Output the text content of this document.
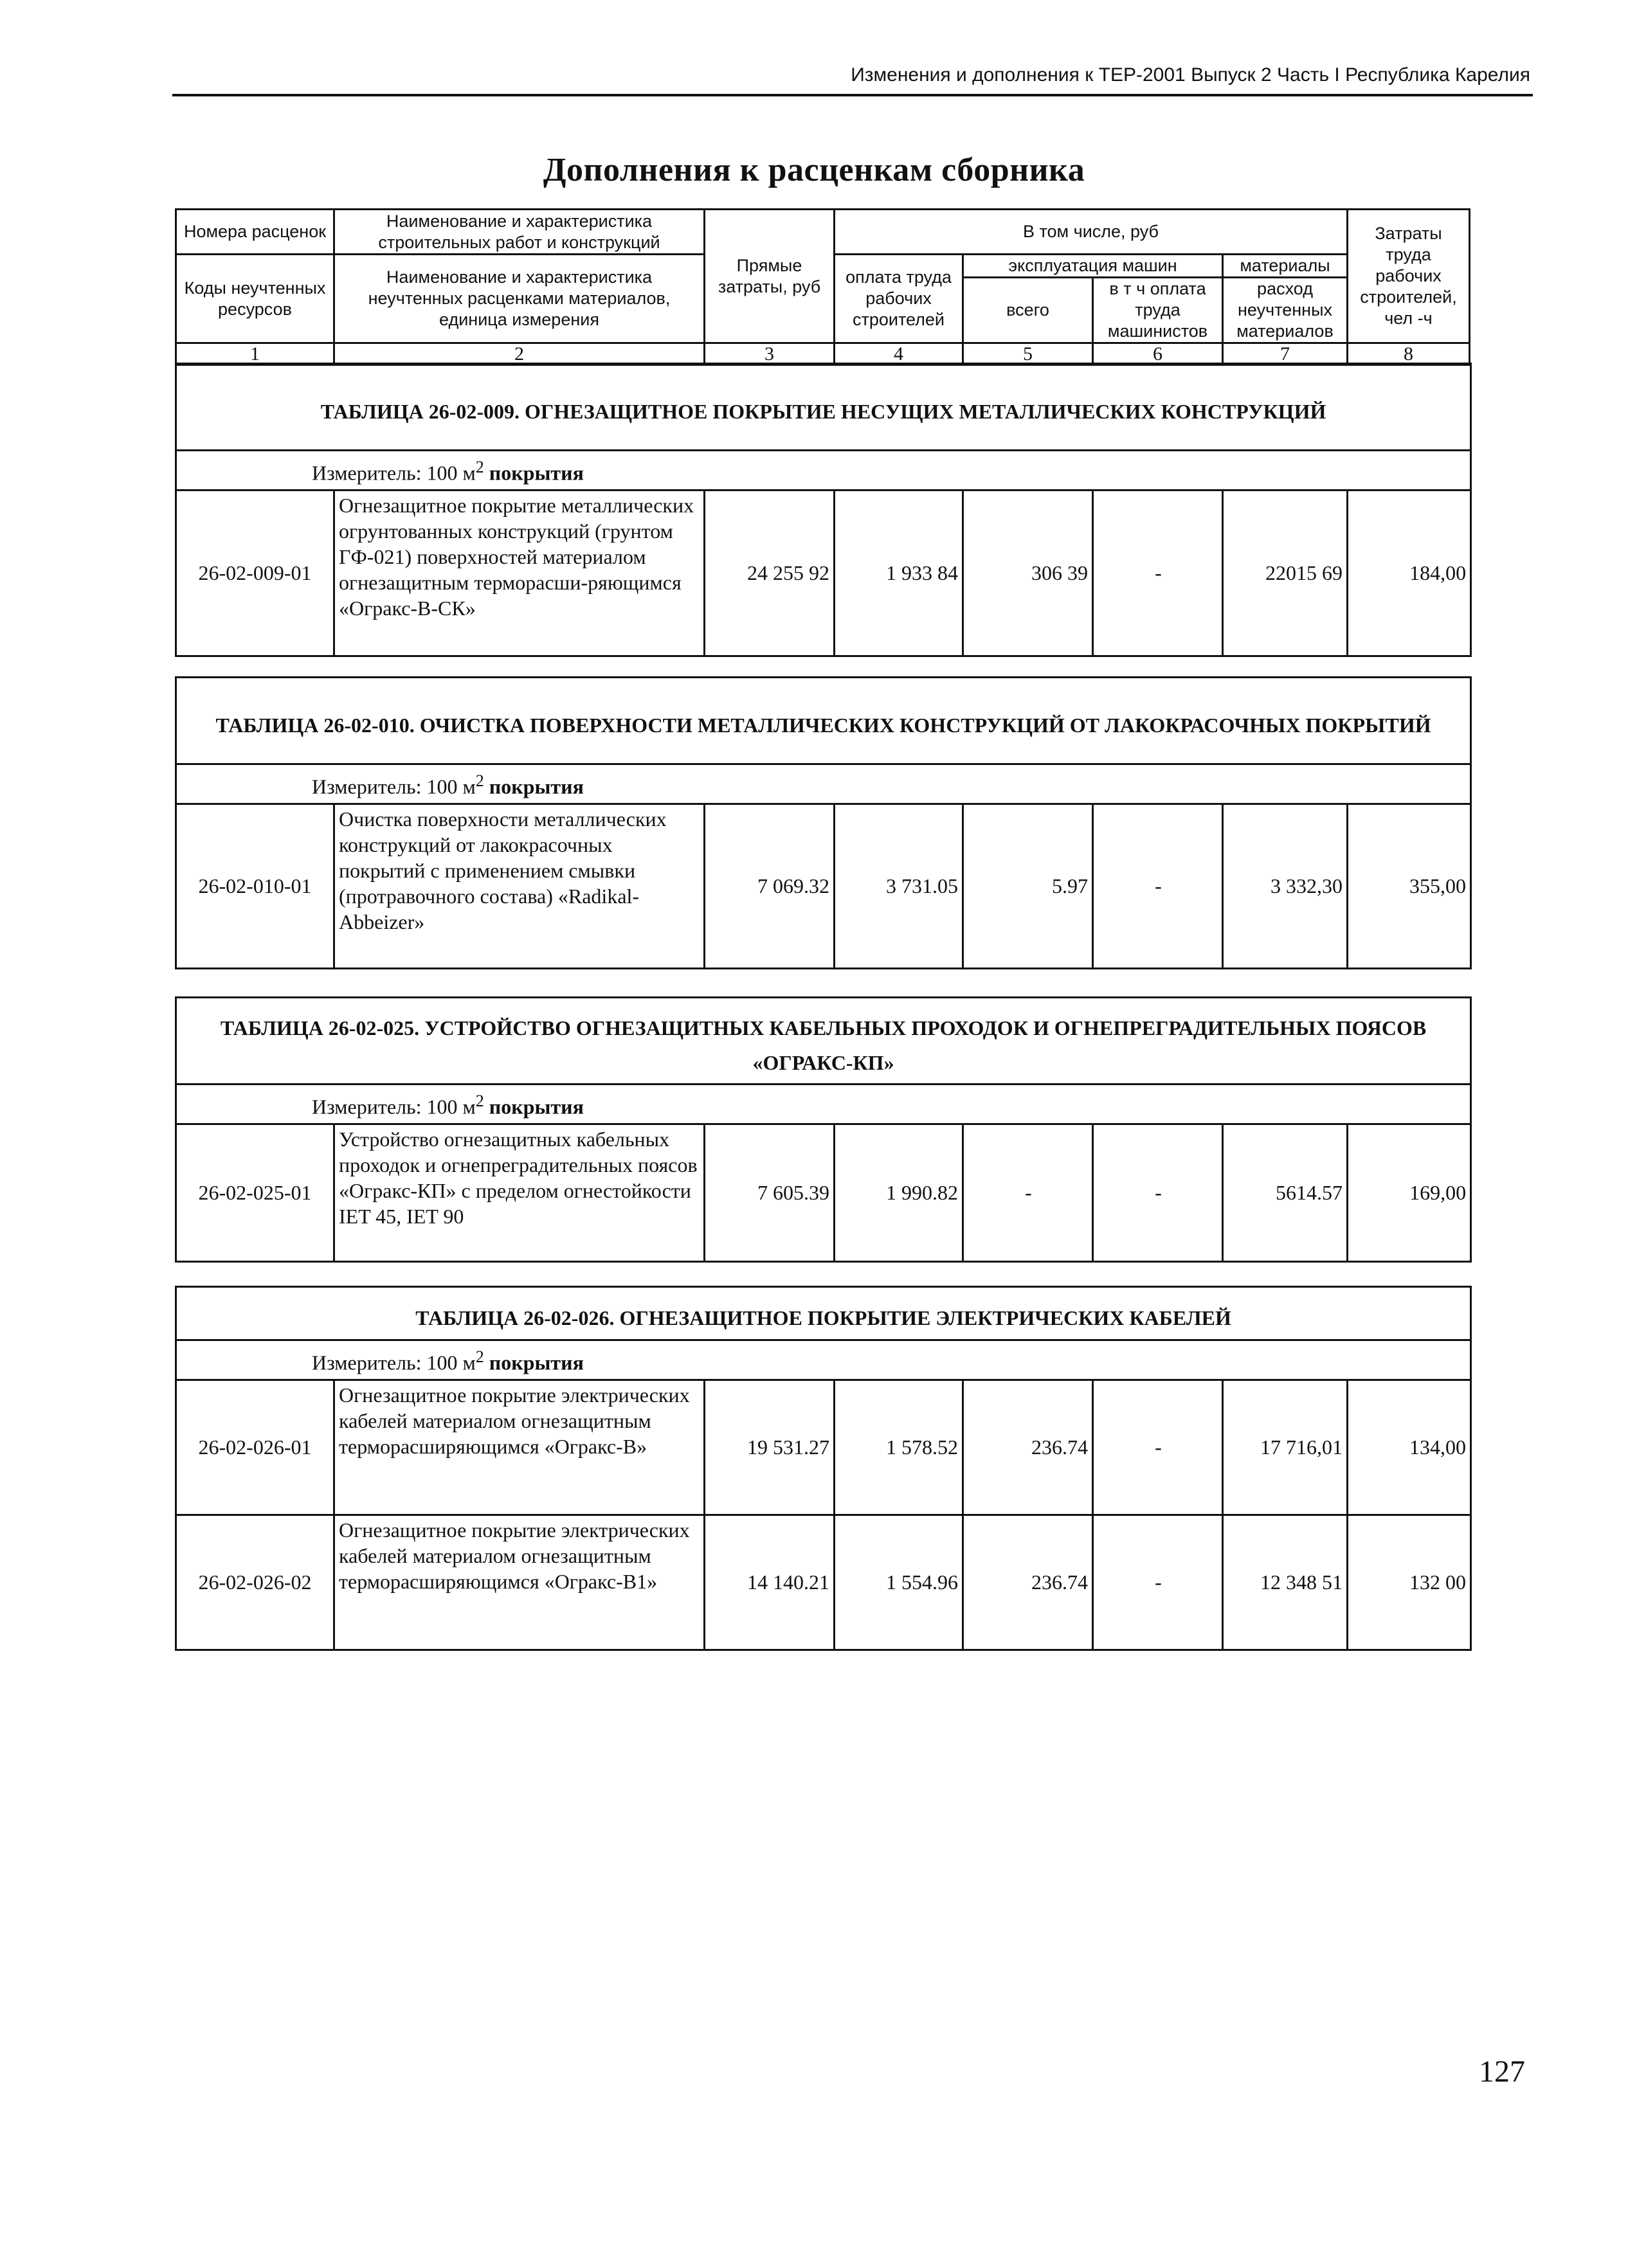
Изменения и дополнения к ТЕР-2001 Выпуск 2 Часть I Республика Карелия
Дополнения к расценкам сборника
Номера расценок	Наименование и характеристика строительных работ и конструкций	Прямые затраты, руб	В том числе, руб				Затраты труда рабочих строителей, чел -ч

Коды неучтенных ресурсов	Наименование и характеристика неучтенных расценками материалов, единица измерения		оплата труда рабочих строителей	эксплуатация машин		материалы	
				всего	в т ч оплата труда машинистов	расход неучтенных материалов	
1	2	3	4	5	6	7	8
ТАБЛИЦА 26-02-009. ОГНЕЗАЩИТНОЕ ПОКРЫТИЕ НЕСУЩИХ МЕТАЛЛИЧЕСКИХ КОНСТРУКЦИЙ
Измеритель: 100 $м^2$ покрытия
26-02-009-01	Огнезащитное покрытие металлических огрунтованных конструкций (грунтом ГФ-021) поверхностей материалом огнезащитным терморасши-ряющимся «Огракс-В-СК»	24 255 92	1 933 84	306 39	-	22015 69	184,00
ТАБЛИЦА 26-02-010. ОЧИСТКА ПОВЕРХНОСТИ МЕТАЛЛИЧЕСКИХ КОНСТРУКЦИЙ ОТ ЛАКОКРАСОЧНЫХ ПОКРЫТИЙ
Измеритель: 100 $м^2$ покрытия
26-02-010-01	Очистка поверхности металлических конструкций от лакокрасочных покрытий с применением смывки (протравочного состава) «Radikal-Abbeizer»	7 069.32	3 731.05	5.97	-	3 332,30	355,00
ТАБЛИЦА 26-02-025. УСТРОЙСТВО ОГНЕЗАЩИТНЫХ КАБЕЛЬНЫХ ПРОХОДОК И ОГНЕПРЕГРАДИТЕЛЬНЫХ ПОЯСОВ «ОГРАКС-КП»
Измеритель: 100 $м^2$ покрытия
26-02-025-01	Устройство огнезащитных кабельных проходок и огнепреградительных поясов «Огракс-КП» с пределом огнестойкости IET 45, IET 90	7 605.39	1 990.82	-	-	5614.57	169,00
ТАБЛИЦА 26-02-026. ОГНЕЗАЩИТНОЕ ПОКРЫТИЕ ЭЛЕКТРИЧЕСКИХ КАБЕЛЕЙ							
Измеритель: 100 $м^2$ покрытия							
26-02-026-01	Огнезащитное покрытие электрических кабелей материалом огнезащитным терморасширяющимся «Огракс-В»	19 531.27	1 578.52	236.74	-	17 716,01	134,00
26-02-026-02	Огнезащитное покрытие электрических кабелей материалом огнезащитным терморасширяющимся «Огракс-В1»	14 140.21	1 554.96	236.74	-	12 348 51	132 00
127
